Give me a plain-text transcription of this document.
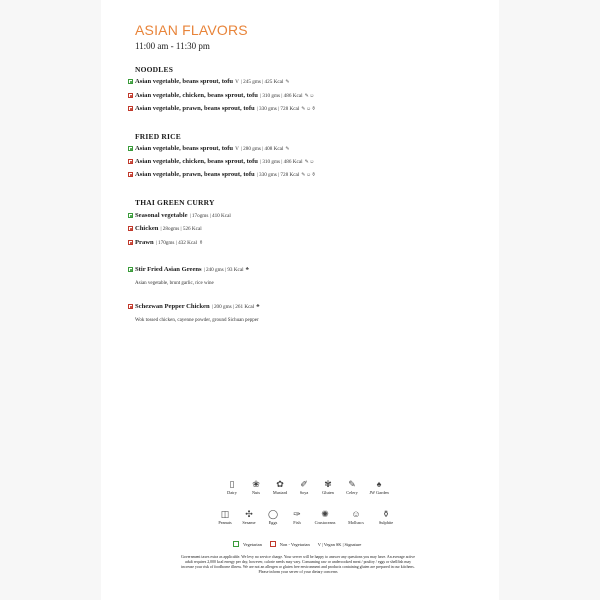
ASIAN FLAVORS
11:00 am - 11:30 pm
NOODLES
Asian vegetable, beans sprout, tofu V | 245 gms | 425 Kcal ✎
Asian vegetable, chicken, beans sprout, tofu | 310 gms | 486 Kcal ✎☺
Asian vegetable, prawn, beans sprout, tofu | 330 gms | 728 Kcal ✎☺⚱
FRIED RICE
Asian vegetable, beans sprout, tofu V | 280 gms | 408 Kcal ✎
Asian vegetable, chicken, beans sprout, tofu | 310 gms | 486 Kcal ✎☺
Asian vegetable, prawn, beans sprout, tofu | 330 gms | 728 Kcal ✎☺⚱
THAI GREEN CURRY
Seasonal vegetable | 17ogms | 410 Kcal
Chicken | 28ogms | 526 Kcal
Prawn | 170gms | 432 Kcal ⚱
Stir Fried Asian Greens | 240 gms | 93 Kcal ♣
Asian vegetable, brunt garlic, rice wine
Schezwan Pepper Chicken | 200 gms | 261 Kcal ♣
Wok tossed chicken, cayenne powder, ground Sichuan pepper
▯
Dairy
❀
Nuts
✿
Mustard
✐
Soya
✾
Gluten
✎
Celery
♠
JW Garden
◫
Peanuts
✣
Sesame
◯
Eggs
✑
Fish
✺
Crustaceans
☺
Molluscs
⚱
Sulphite
Vegetarian	Non - Vegetarian V | Vegan SK | Signature
Government taxes extra as applicable. We levy no service charge. Your server will be happy to answer any questions you may have. An average active adult requires 2,000 kcal energy per day, however, calorie needs may vary. Consuming raw or undercooked meat / poultry / eggs or shellfish may increase your risk of foodborne illness. We are not an allergen or gluten free environment and products containing gluten are prepared in our kitchens. Please inform your server of your dietary concerns
